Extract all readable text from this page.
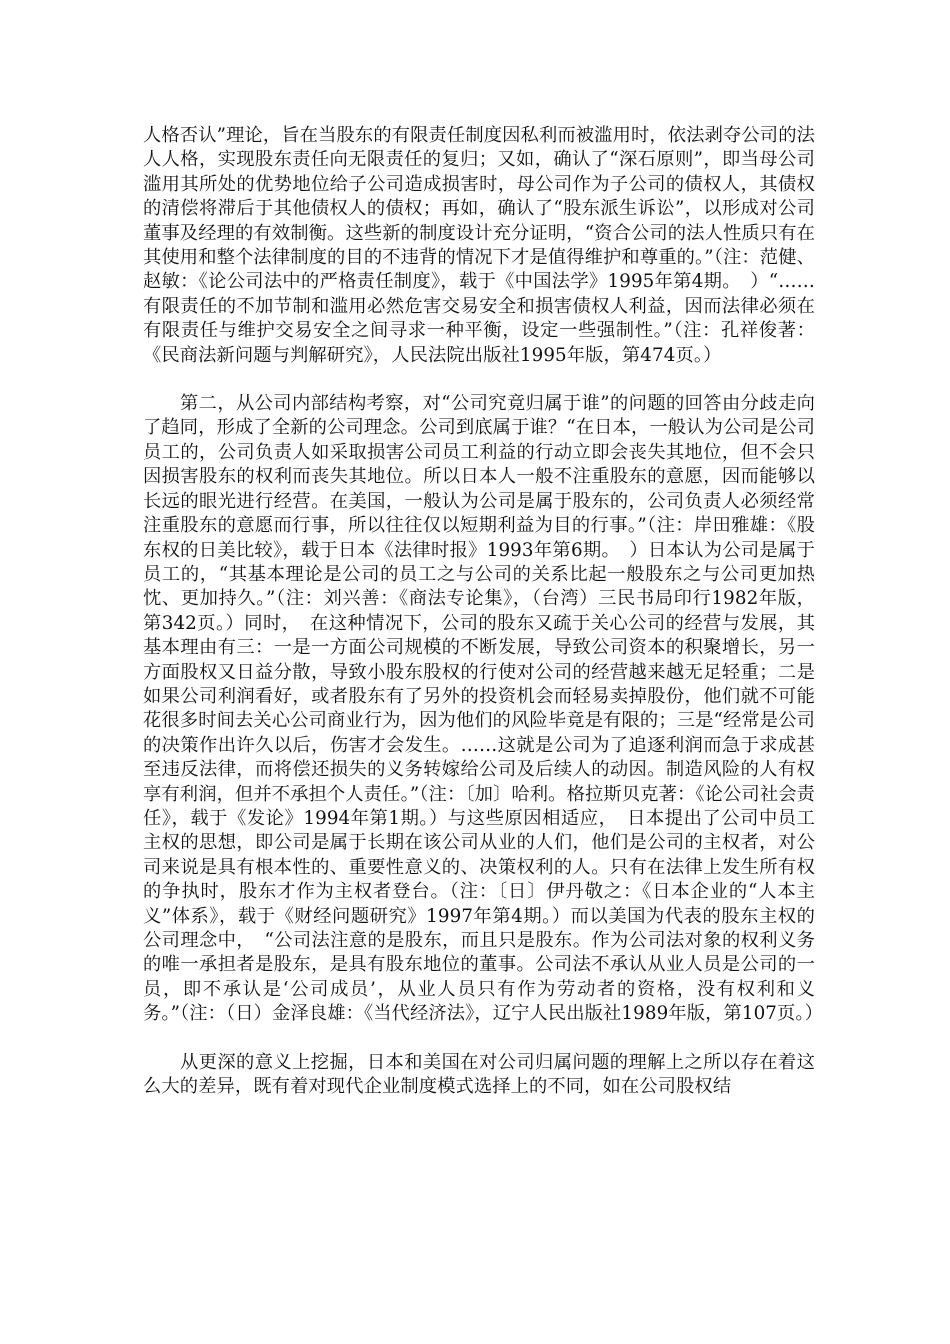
人格否认”理论，旨在当股东的有限责任制度因私利而被滥用时，依法剥夺公司的法人人格，实现股东责任向无限责任的复归；又如，确认了“深石原则”，即当母公司滥用其所处的优势地位给子公司造成损害时，母公司作为子公司的债权人，其债权的清偿将滞后于其他债权人的债权；再如，确认了“股东派生诉讼”，以形成对公司董事及经理的有效制衡。这些新的制度设计充分证明，“资合公司的法人性质只有在其使用和整个法律制度的目的不违背的情况下才是值得维护和尊重的。”（注：范健、赵敏：《论公司法中的严格责任制度》，载于《中国法学》1995年第4期。　）“……有限责任的不加节制和滥用必然危害交易安全和损害债权人利益，因而法律必须在有限责任与维护交易安全之间寻求一种平衡，设定一些强制性。”（注：孔祥俊著：《民商法新问题与判解研究》，人民法院出版社1995年版，第474页。）

第二，从公司内部结构考察，对“公司究竟归属于谁”的问题的回答由分歧走向了趋同，形成了全新的公司理念。公司到底属于谁？“在日本，一般认为公司是公司员工的，公司负责人如采取损害公司员工利益的行动立即会丧失其地位，但不会只因损害股东的权利而丧失其地位。所以日本人一般不注重股东的意愿，因而能够以长远的眼光进行经营。在美国，一般认为公司是属于股东的，公司负责人必须经常注重股东的意愿而行事，所以往往仅以短期利益为目的行事。”（注：岸田雅雄：《股东权的日美比较》，载于日本《法律时报》1993年第6期。　）日本认为公司是属于员工的，“其基本理论是公司的员工之与公司的关系比起一般股东之与公司更加热忱、更加持久。”（注：刘兴善：《商法专论集》，（台湾）三民书局印行1982年版，第342页。）同时，　在这种情况下，公司的股东又疏于关心公司的经营与发展，其基本理由有三：一是一方面公司规模的不断发展，导致公司资本的积聚增长，另一方面股权又日益分散，导致小股东股权的行使对公司的经营越来越无足轻重；二是如果公司利润看好，或者股东有了另外的投资机会而轻易卖掉股份，他们就不可能花很多时间去关心公司商业行为，因为他们的风险毕竟是有限的；三是“经常是公司的决策作出许久以后，伤害才会发生。……这就是公司为了追逐利润而急于求成甚至违反法律，而将偿还损失的义务转嫁给公司及后续人的动因。制造风险的人有权享有利润，但并不承担个人责任。”（注：〔加〕哈利。格拉斯贝克著：《论公司社会责任》，载于《发论》1994年第1期。）与这些原因相适应，　日本提出了公司中员工主权的思想，即公司是属于长期在该公司从业的人们，他们是公司的主权者，对公司来说是具有根本性的、重要性意义的、决策权利的人。只有在法律上发生所有权的争执时，股东才作为主权者登台。（注：〔日〕伊丹敬之：《日本企业的“人本主义”体系》，载于《财经问题研究》1997年第4期。）而以美国为代表的股东主权的公司理念中，　“公司法注意的是股东，而且只是股东。作为公司法对象的权利义务的唯一承担者是股东，是具有股东地位的董事。公司法不承认从业人员是公司的一员，即不承认是‘公司成员’，从业人员只有作为劳动者的资格，没有权利和义务。”（注：（日）金泽良雄：《当代经济法》，辽宁人民出版社1989年版，第107页。）

从更深的意义上挖掘，日本和美国在对公司归属问题的理解上之所以存在着这么大的差异，既有着对现代企业制度模式选择上的不同，如在公司股权结
